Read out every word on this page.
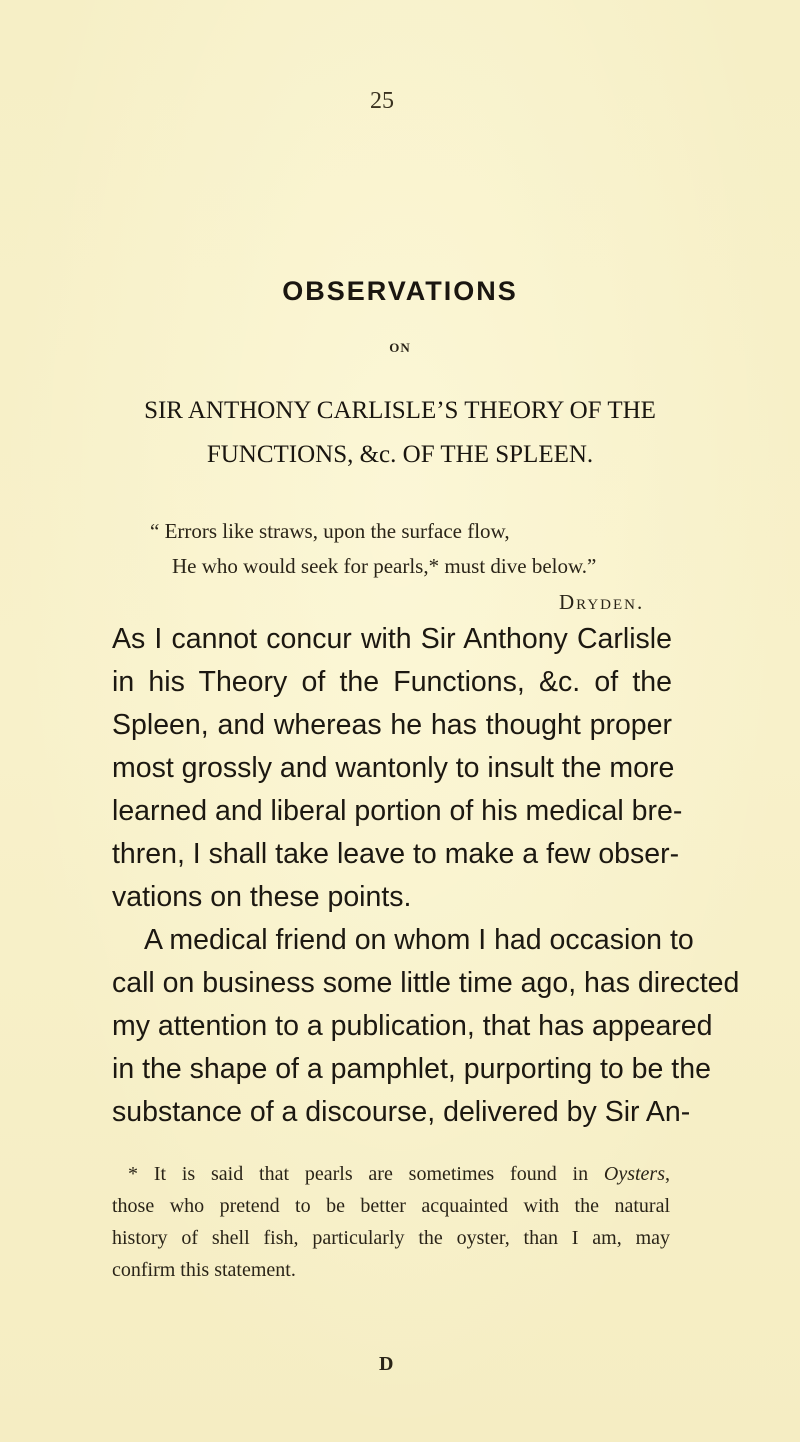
25
OBSERVATIONS
ON
SIR ANTHONY CARLISLE’S THEORY OF THE
FUNCTIONS, &c. OF THE SPLEEN.
“ Errors like straws, upon the surface flow,
He who would seek for pearls,* must dive below.”
Dryden.
As I cannot concur with Sir Anthony Carlisle
in his Theory of the Functions, &c. of the
Spleen, and whereas he has thought proper
most grossly and wantonly to insult the more
learned and liberal portion of his medical bre-
thren, I shall take leave to make a few obser-
vations on these points.
A medical friend on whom I had occasion to
call on business some little time ago, has directed
my attention to a publication, that has appeared
in the shape of a pamphlet, purporting to be the
substance of a discourse, delivered by Sir An-
* It is said that pearls are sometimes found in Oysters,
those who pretend to be better acquainted with the natural
history of shell fish, particularly the oyster, than I am, may
confirm this statement.
D
